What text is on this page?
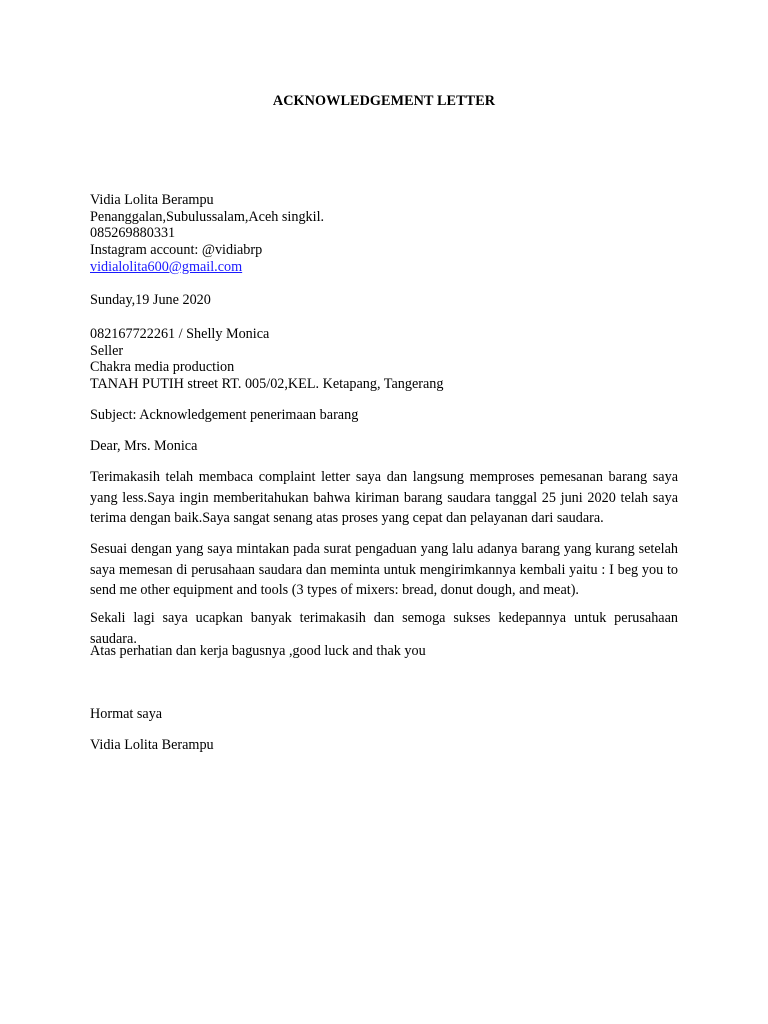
ACKNOWLEDGEMENT LETTER
Vidia Lolita Berampu
Penanggalan,Subulussalam,Aceh singkil.
085269880331
Instagram account: @vidiabrp
vidialolita600@gmail.com
Sunday,19 June 2020
082167722261 / Shelly Monica
Seller
Chakra media production
TANAH PUTIH street RT. 005/02,KEL. Ketapang, Tangerang
Subject: Acknowledgement penerimaan barang
Dear, Mrs. Monica
Terimakasih telah membaca complaint letter saya dan langsung memproses pemesanan barang saya yang less.Saya ingin memberitahukan bahwa kiriman barang saudara tanggal 25 juni 2020 telah saya terima dengan baik.Saya sangat senang atas proses yang cepat dan pelayanan dari saudara.
Sesuai dengan yang saya mintakan pada surat pengaduan yang lalu adanya barang yang kurang setelah saya memesan di perusahaan saudara dan meminta untuk mengirimkannya kembali yaitu : I beg you to send me other equipment and tools (3 types of mixers: bread, donut dough, and meat).
Sekali lagi saya ucapkan banyak terimakasih dan semoga sukses kedepannya untuk perusahaan saudara.
Atas perhatian dan kerja bagusnya ,good luck and thak you
Hormat saya
Vidia Lolita Berampu
